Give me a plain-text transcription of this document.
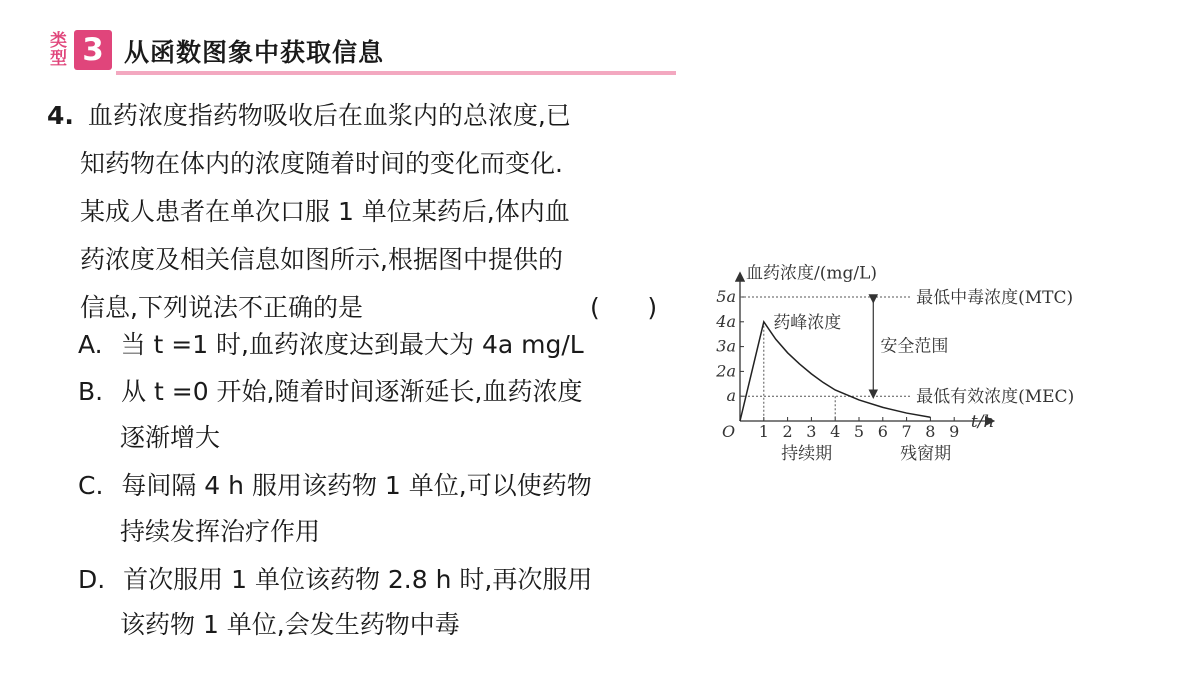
类型 3 从函数图象中获取信息
4. 血药浓度指药物吸收后在血浆内的总浓度,已
知药物在体内的浓度随着时间的变化而变化.
某成人患者在单次口服 1 单位某药后,体内血
药浓度及相关信息如图所示,根据图中提供的
信息,下列说法不正确的是	(      )
A. 当 t =1 时,血药浓度达到最大为 4a mg/L
B. 从 t =0 开始,随着时间逐渐延长,血药浓度
逐渐增大
C. 每间隔 4 h 服用该药物 1 单位,可以使药物
持续发挥治疗作用
D. 首次服用 1 单位该药物 2.8 h 时,再次服用
该药物 1 单位,会发生药物中毒
血药浓度/(mg/L)
t/h
O 1 2 3 4 5 6 7 8 9
a
2a
3a
4a
5a	最低中毒浓度(MTC)
最低有效浓度(MEC)
药峰浓度
安全范围
持续期	残窗期
